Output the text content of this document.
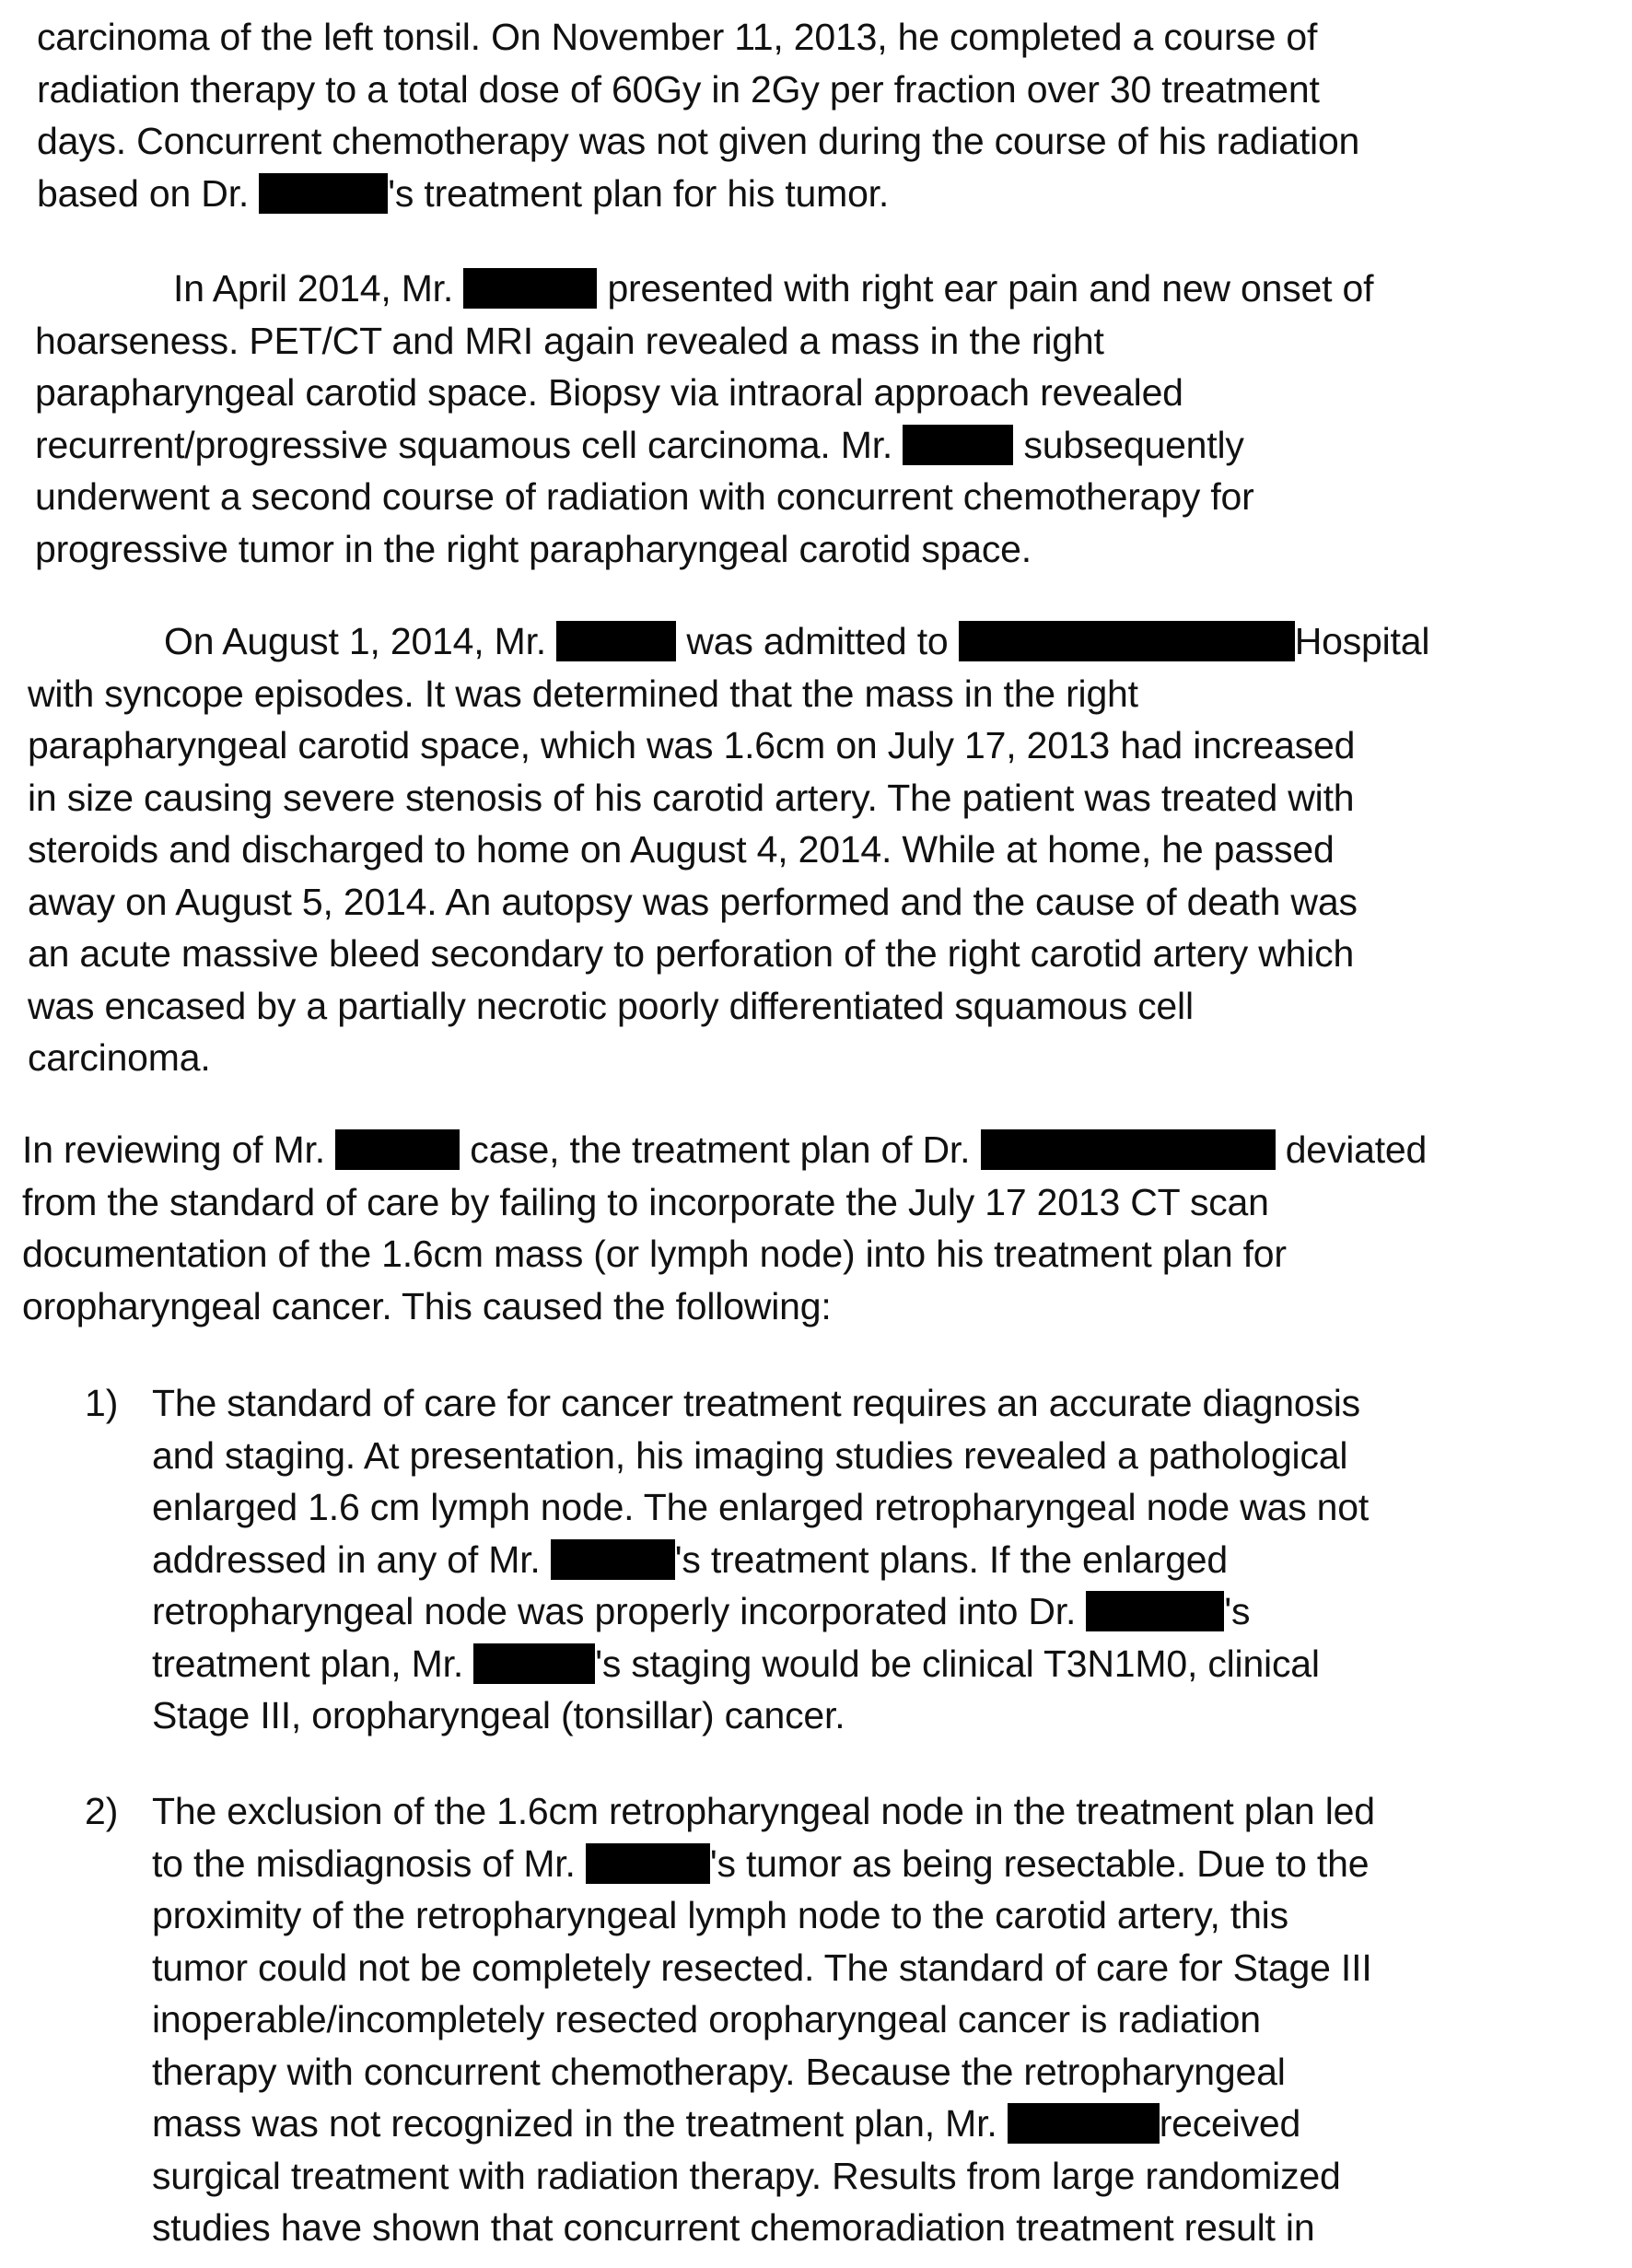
carcinoma of the left tonsil. On November 11, 2013, he completed a course of
radiation therapy to a total dose of 60Gy in 2Gy per fraction over 30 treatment
days. Concurrent chemotherapy was not given during the course of his radiation
based on Dr.	's treatment plan for his tumor.
In April 2014, Mr.	presented with right ear pain and new onset of
hoarseness. PET/CT and MRI again revealed a mass in the right
parapharyngeal carotid space. Biopsy via intraoral approach revealed
recurrent/progressive squamous cell carcinoma. Mr.	subsequently
underwent a second course of radiation with concurrent chemotherapy for
progressive tumor in the right parapharyngeal carotid space.
On August 1, 2014, Mr.	was admitted to	Hospital
with syncope episodes. It was determined that the mass in the right
parapharyngeal carotid space, which was 1.6cm on July 17, 2013 had increased
in size causing severe stenosis of his carotid artery. The patient was treated with
steroids and discharged to home on August 4, 2014. While at home, he passed
away on August 5, 2014. An autopsy was performed and the cause of death was
an acute massive bleed secondary to perforation of the right carotid artery which
was encased by a partially necrotic poorly differentiated squamous cell
carcinoma.
In reviewing of Mr.	case, the treatment plan of Dr.	deviated
from the standard of care by failing to incorporate the July 17 2013 CT scan
documentation of the 1.6cm mass (or lymph node) into his treatment plan for
oropharyngeal cancer. This caused the following:
1) The standard of care for cancer treatment requires an accurate diagnosis
and staging. At presentation, his imaging studies revealed a pathological
enlarged 1.6 cm lymph node. The enlarged retropharyngeal node was not
addressed in any of Mr.	's treatment plans. If the enlarged
retropharyngeal node was properly incorporated into Dr.	's
treatment plan, Mr.	's staging would be clinical T3N1M0, clinical
Stage III, oropharyngeal (tonsillar) cancer.
2) The exclusion of the 1.6cm retropharyngeal node in the treatment plan led
to the misdiagnosis of Mr.	's tumor as being resectable. Due to the
proximity of the retropharyngeal lymph node to the carotid artery, this
tumor could not be completely resected. The standard of care for Stage III
inoperable/incompletely resected oropharyngeal cancer is radiation
therapy with concurrent chemotherapy. Because the retropharyngeal
mass was not recognized in the treatment plan, Mr.	received
surgical treatment with radiation therapy. Results from large randomized
studies have shown that concurrent chemoradiation treatment result in
